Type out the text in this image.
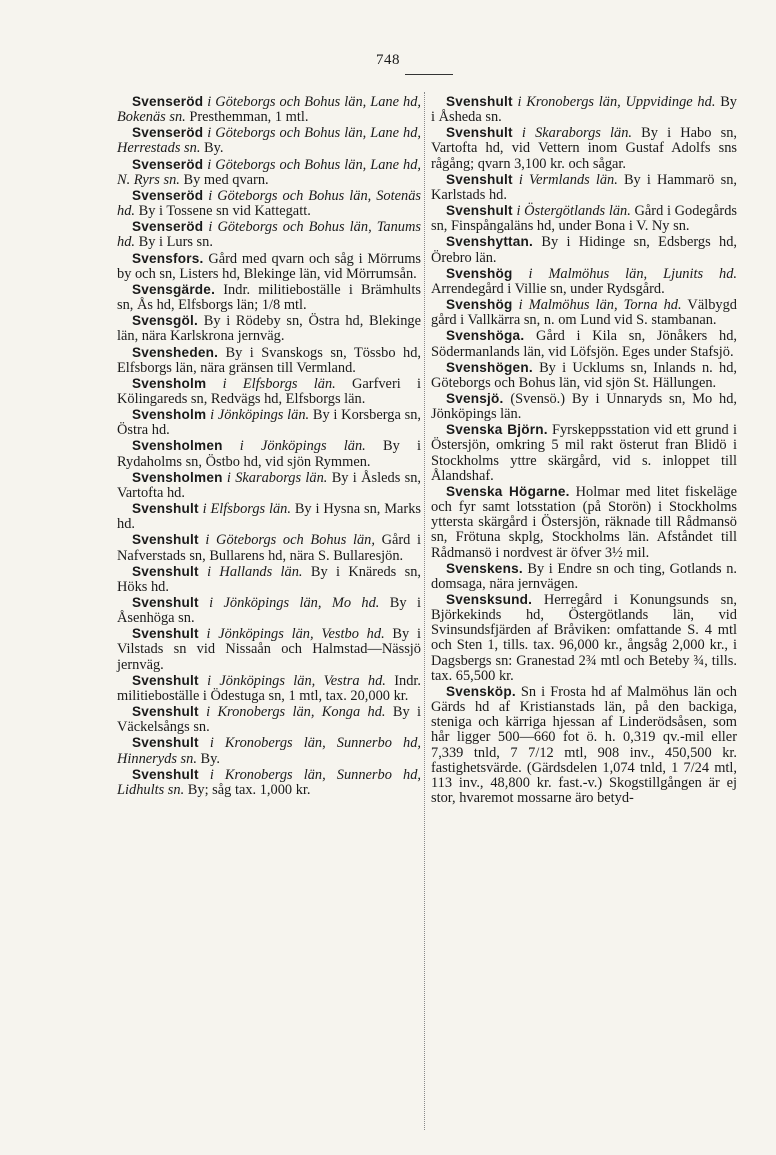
748

Svenseröd i Göteborgs och Bohus län, Lane hd, Bokenäs sn. Presthemman, 1 mtl.

Svenseröd i Göteborgs och Bohus län, Lane hd, Herrestads sn. By.

Svenseröd i Göteborgs och Bohus län, Lane hd, N. Ryrs sn. By med qvarn.

Svenseröd i Göteborgs och Bohus län, Sotenäs hd. By i Tossene sn vid Kattegatt.

Svenseröd i Göteborgs och Bohus län, Tanums hd. By i Lurs sn.

Svensfors. Gård med qvarn och såg i Mörrums by och sn, Listers hd, Blekinge län, vid Mörrumsån.

Svensgärde. Indr. militieboställe i Brämhults sn, Ås hd, Elfsborgs län; 1/8 mtl.

Svensgöl. By i Rödeby sn, Östra hd, Blekinge län, nära Karlskrona jernväg.

Svensheden. By i Svanskogs sn, Tössbo hd, Elfsborgs län, nära gränsen till Vermland.

Svensholm i Elfsborgs län. Garfveri i Kölingareds sn, Redvägs hd, Elfsborgs län.

Svensholm i Jönköpings län. By i Korsberga sn, Östra hd.

Svensholmen i Jönköpings län. By i Rydaholms sn, Östbo hd, vid sjön Rymmen.

Svensholmen i Skaraborgs län. By i Åsleds sn, Vartofta hd.

Svenshult i Elfsborgs län. By i Hysna sn, Marks hd.

Svenshult i Göteborgs och Bohus län, Gård i Nafverstads sn, Bullarens hd, nära S. Bullaresjön.

Svenshult i Hallands län. By i Knäreds sn, Höks hd.

Svenshult i Jönköpings län, Mo hd. By i Åsenhöga sn.

Svenshult i Jönköpings län, Vestbo hd. By i Vilstads sn vid Nissaån och Halmstad—Nässjö jernväg.

Svenshult i Jönköpings län, Vestra hd. Indr. militieboställe i Ödestuga sn, 1 mtl, tax. 20,000 kr.

Svenshult i Kronobergs län, Konga hd. By i Väckelsångs sn.

Svenshult i Kronobergs län, Sunnerbo hd, Hinneryds sn. By.

Svenshult i Kronobergs län, Sunnerbo hd, Lidhults sn. By; såg tax. 1,000 kr.

Svenshult i Kronobergs län, Uppvidinge hd. By i Åsheda sn.

Svenshult i Skaraborgs län. By i Habo sn, Vartofta hd, vid Vettern inom Gustaf Adolfs sns rågång; qvarn 3,100 kr. och sågar.

Svenshult i Vermlands län. By i Hammarö sn, Karlstads hd.

Svenshult i Östergötlands län. Gård i Godegårds sn, Finspångaläns hd, under Bona i V. Ny sn.

Svenshyttan. By i Hidinge sn, Edsbergs hd, Örebro län.

Svenshög i Malmöhus län, Ljunits hd. Arrendegård i Villie sn, under Rydsgård.

Svenshög i Malmöhus län, Torna hd. Välbygd gård i Vallkärra sn, n. om Lund vid S. stambanan.

Svenshöga. Gård i Kila sn, Jönåkers hd, Södermanlands län, vid Löfsjön. Eges under Stafsjö.

Svenshögen. By i Ucklums sn, Inlands n. hd, Göteborgs och Bohus län, vid sjön St. Hällungen.

Svensjö. (Svensö.) By i Unnaryds sn, Mo hd, Jönköpings län.

Svenska Björn. Fyrskeppsstation vid ett grund i Östersjön, omkring 5 mil rakt österut fran Blidö i Stockholms yttre skärgård, vid s. inloppet till Ålandshaf.

Svenska Högarne. Holmar med litet fiskeläge och fyr samt lotsstation (på Storön) i Stockholms yttersta skärgård i Östersjön, räknade till Rådmansö sn, Frötuna skplg, Stockholms län. Afståndet till Rådmansö i nordvest är öfver 3½ mil.

Svenskens. By i Endre sn och ting, Gotlands n. domsaga, nära jernvägen.

Svensksund. Herregård i Konungsunds sn, Björkekinds hd, Östergötlands län, vid Svinsundsfjärden af Bråviken: omfattande S. 4 mtl och Sten 1, tills. tax. 96,000 kr., ångsåg 2,000 kr., i Dagsbergs sn: Granestad 2¾ mtl och Beteby ¾, tills. tax. 65,500 kr.

Svensköp. Sn i Frosta hd af Malmöhus län och Gärds hd af Kristianstads län, på den backiga, steniga och kärriga hjessan af Linderödsåsen, som hår ligger 500—660 fot ö. h. 0,319 qv.-mil eller 7,339 tnld, 7 7/12 mtl, 908 inv., 450,500 kr. fastighetsvärde. (Gärdsdelen 1,074 tnld, 1 7/24 mtl, 113 inv., 48,800 kr. fast.-v.) Skogstillgången är ej stor, hvaremot mossarne äro betyd-
